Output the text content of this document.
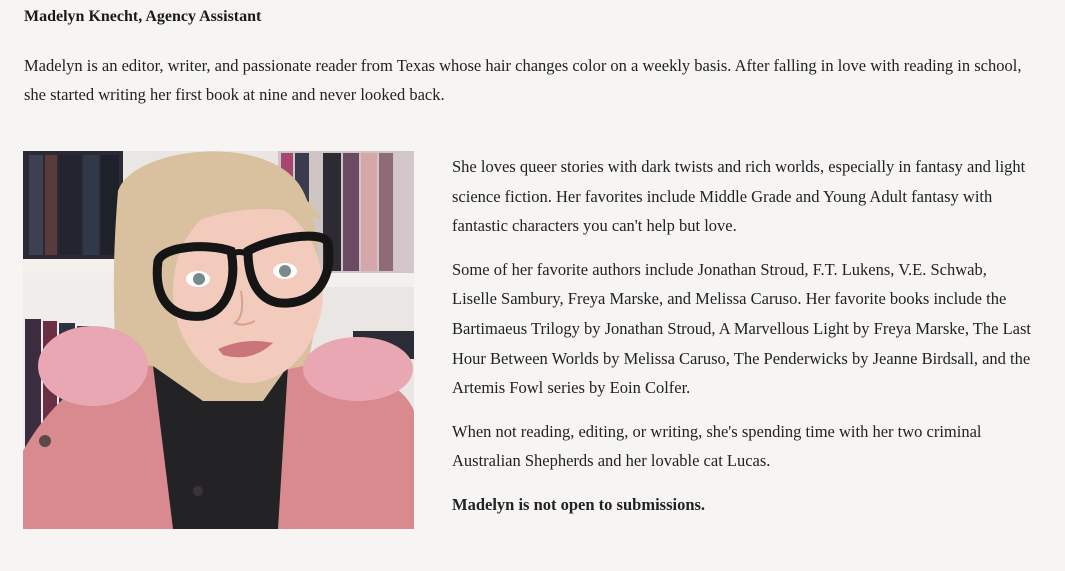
Madelyn Knecht, Agency Assistant

Madelyn is an editor, writer, and passionate reader from Texas whose hair changes color on a weekly basis. After falling in love with reading in school, she started writing her first book at nine and never looked back.

She loves queer stories with dark twists and rich worlds, especially in fantasy and light science fiction. Her favorites include Middle Grade and Young Adult fantasy with fantastic characters you can't help but love.

Some of her favorite authors include Jonathan Stroud, F.T. Lukens, V.E. Schwab, Liselle Sambury, Freya Marske, and Melissa Caruso. Her favorite books include the Bartimaeus Trilogy by Jonathan Stroud, A Marvellous Light by Freya Marske, The Last Hour Between Worlds by Melissa Caruso, The Penderwicks by Jeanne Birdsall, and the Artemis Fowl series by Eoin Colfer.

When not reading, editing, or writing, she's spending time with her two criminal Australian Shepherds and her lovable cat Lucas.

Madelyn is not open to submissions.
